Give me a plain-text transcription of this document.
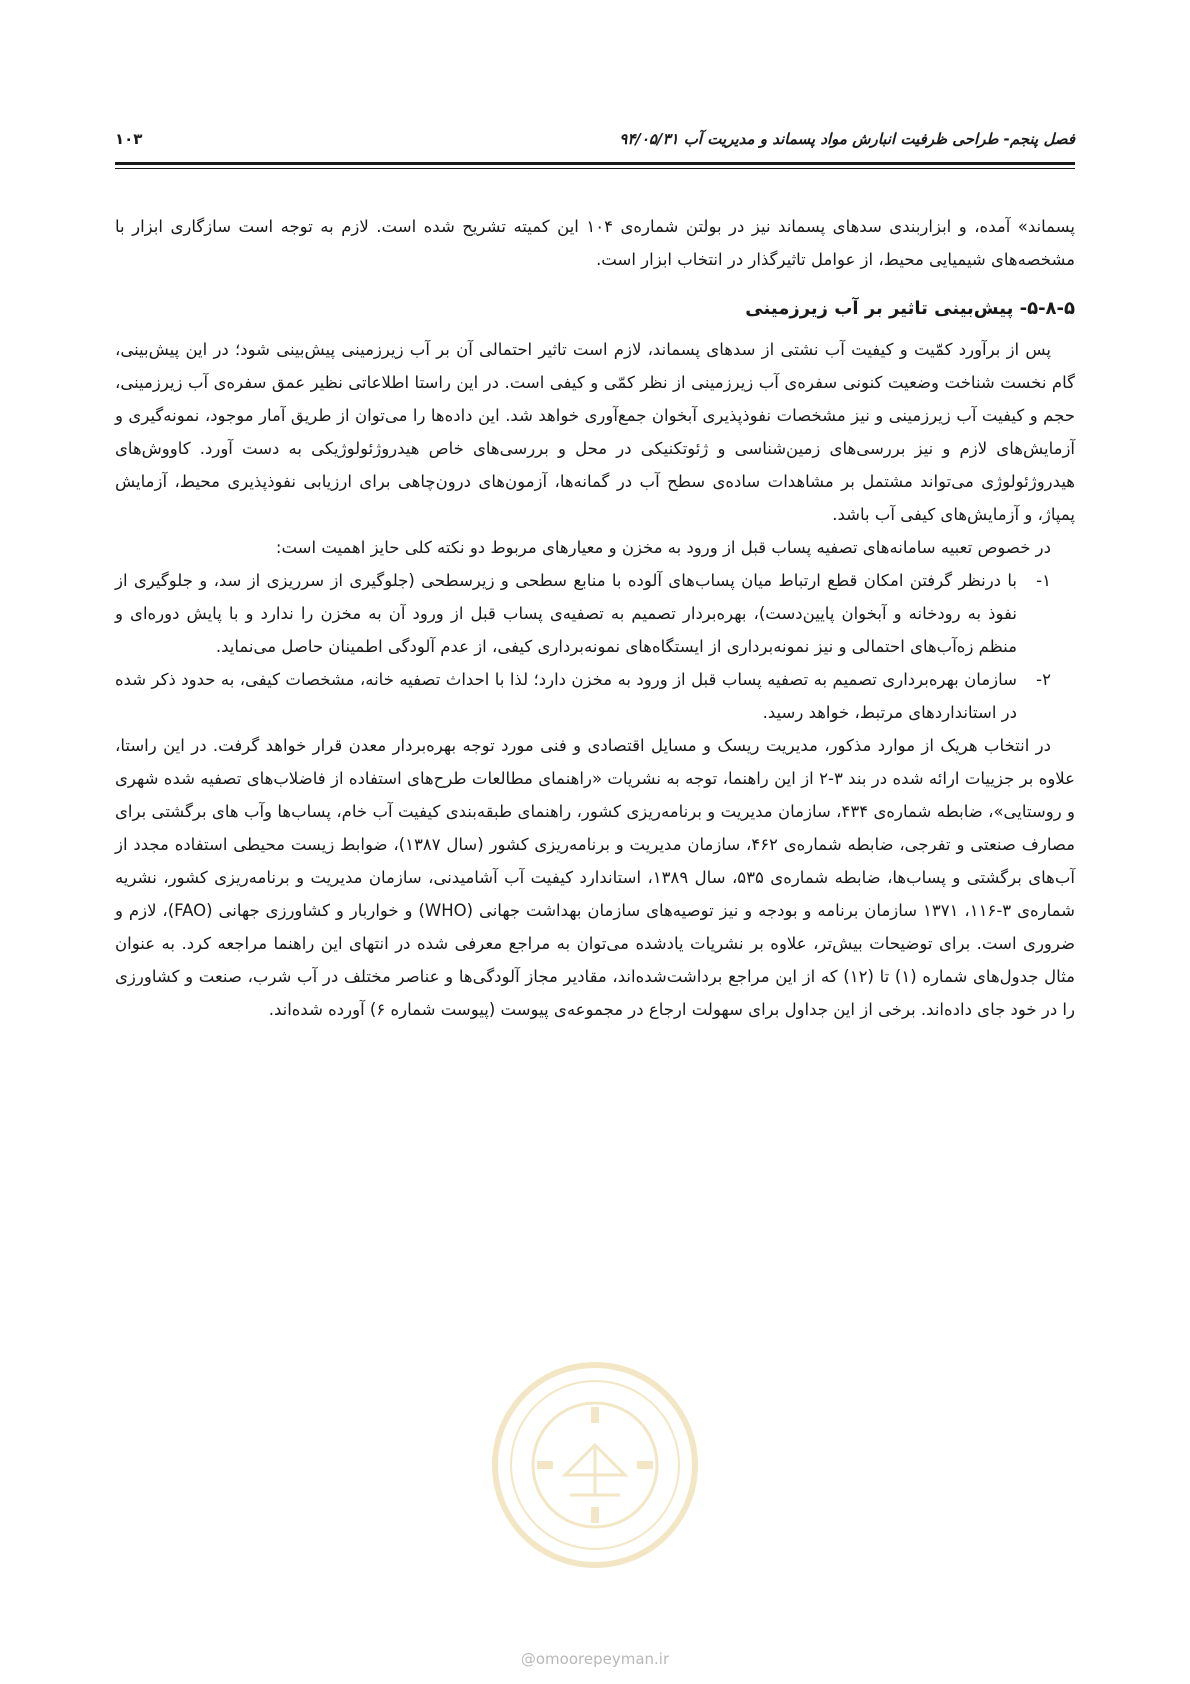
فصل پنجم- طراحی ظرفیت انبارش مواد پسماند و مدیریت آب ۹۴/۰۵/۳۱
۱۰۳

پسماند» آمده، و ابزاربندی سدهای پسماند نیز در بولتن شماره‌ی ۱۰۴ این کمیته تشریح شده است. لازم به توجه است سازگاری ابزار با مشخصه‌های شیمیایی محیط، از عوامل تاثیرگذار در انتخاب ابزار است.

۵-۸-۵- پیش‌بینی تاثیر بر آب زیرزمینی

پس از برآورد کمّیت و کیفیت آب نشتی از سدهای پسماند، لازم است تاثیر احتمالی آن بر آب زیرزمینی پیش‌بینی شود؛ در این پیش‌بینی، گام نخست شناخت وضعیت کنونی سفره‌ی آب زیرزمینی از نظر کمّی و کیفی است. در این راستا اطلاعاتی نظیر عمق سفره‌ی آب زیرزمینی، حجم و کیفیت آب زیرزمینی و نیز مشخصات نفوذپذیری آبخوان جمع‌آوری خواهد شد. این داده‌ها را می‌توان از طریق آمار موجود، نمونه‌گیری و آزمایش‌های لازم و نیز بررسی‌های زمین‌شناسی و ژئوتکنیکی در محل و بررسی‌های خاص هیدروژئولوژیکی به دست آورد. کاووش‌های هیدروژئولوژی می‌تواند مشتمل بر مشاهدات ساده‌ی سطح آب در گمانه‌ها، آزمون‌های درون‌چاهی برای ارزیابی نفوذپذیری محیط، آزمایش پمپاژ، و آزمایش‌های کیفی آب باشد.

در خصوص تعبیه سامانه‌های تصفیه پساب قبل از ورود به مخزن و معیارهای مربوط دو نکته کلی حایز اهمیت است:

۱-
با درنظر گرفتن امکان قطع ارتباط میان پساب‌های آلوده با منابع سطحی و زیرسطحی (جلوگیری از سرریزی از سد، و جلوگیری از نفوذ به رودخانه و آبخوان پایین‌دست)، بهره‌بردار تصمیم به تصفیه‌ی پساب قبل از ورود آن به مخزن را ندارد و با پایش دوره‌ای و منظم زه‌آب‌های احتمالی و نیز نمونه‌برداری از ایستگاه‌های نمونه‌برداری کیفی، از عدم آلودگی اطمینان حاصل می‌نماید.
۲-
سازمان بهره‌برداری تصمیم به تصفیه پساب قبل از ورود به مخزن دارد؛ لذا با احداث تصفیه خانه، مشخصات کیفی، به حدود ذکر شده در استانداردهای مرتبط، خواهد رسید.

در انتخاب هریک از موارد مذکور، مدیریت ریسک و مسایل اقتصادی و فنی مورد توجه بهره‌بردار معدن قرار خواهد گرفت. در این راستا، علاوه بر جزییات ارائه شده در بند ۳-۲ از این راهنما، توجه به نشریات «راهنمای مطالعات طرح‌های استفاده از فاضلاب‌های تصفیه شده شهری و روستایی»، ضابطه شماره‌ی ۴۳۴، سازمان مدیریت و برنامه‌ریزی کشور، راهنمای طبقه‌بندی کیفیت آب خام، پساب‌ها وآب های برگشتی برای مصارف صنعتی و تفرجی، ضابطه شماره‌ی ۴۶۲، سازمان مدیریت و برنامه‌ریزی کشور (سال ۱۳۸۷)، ضوابط زیست محیطی استفاده مجدد از آب‌های برگشتی و پساب‌ها، ضابطه شماره‌ی ۵۳۵، سال ۱۳۸۹، استاندارد کیفیت آب آشامیدنی، سازمان مدیریت و برنامه‌ریزی کشور، نشریه شماره‌ی ۳-۱۱۶، ۱۳۷۱ سازمان برنامه و بودجه و نیز توصیه‌های سازمان بهداشت جهانی (WHO) و خواربار و کشاورزی جهانی (FAO)، لازم و ضروری است. برای توضیحات بیش‌تر، علاوه بر نشریات یادشده می‌توان به مراجع معرفی شده در انتهای این راهنما مراجعه کرد. به عنوان مثال جدول‌های شماره (۱) تا (۱۲) که از این مراجع برداشت‌شده‌اند، مقادیر مجاز آلودگی‌ها و عناصر مختلف در آب شرب، صنعت و کشاورزی را در خود جای داده‌اند. برخی از این جداول برای سهولت ارجاع در مجموعه‌ی پیوست (پیوست شماره ۶) آورده شده‌اند.

@omoorepeyman.ir
